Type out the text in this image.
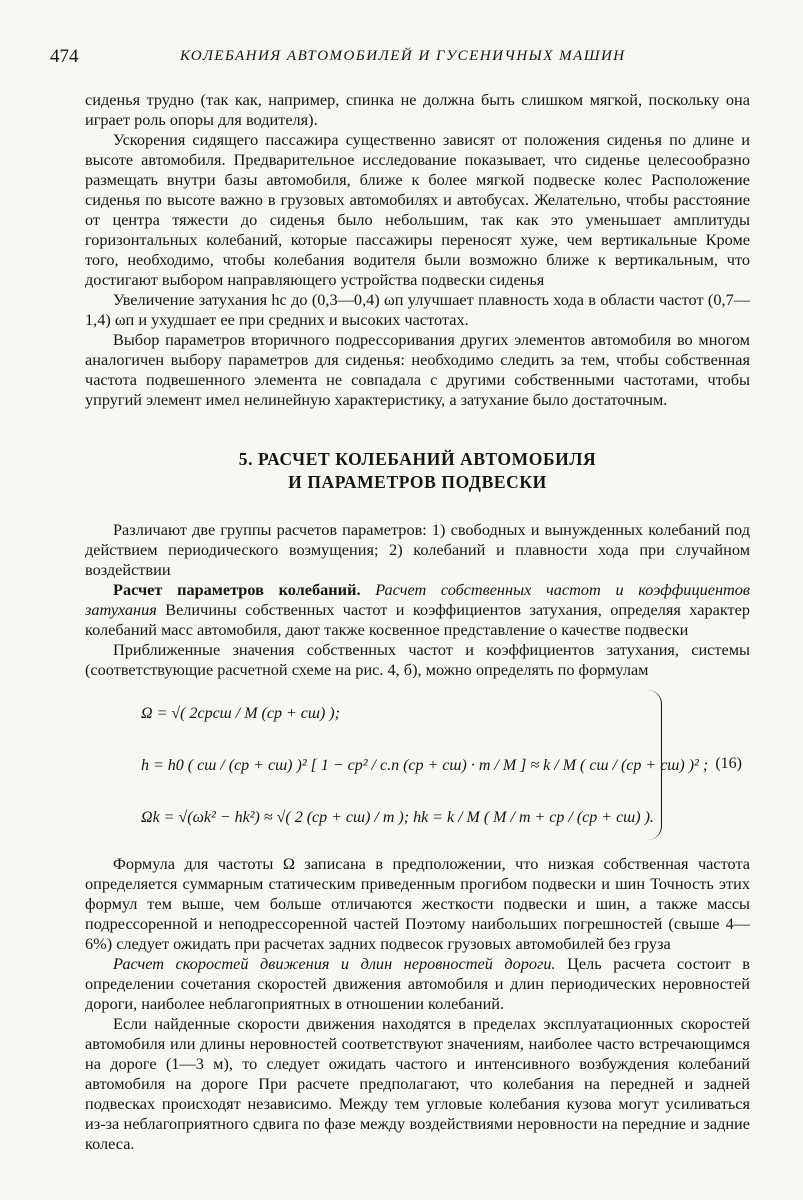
474	КОЛЕБАНИЯ АВТОМОБИЛЕЙ И ГУСЕНИЧНЫХ МАШИН

сиденья трудно (так как, например, спинка не должна быть слишком мягкой, поскольку она играет роль опоры для водителя).

Ускорения сидящего пассажира существенно зависят от положения сиденья по длине и высоте автомобиля. Предварительное исследование показывает, что сиденье целесообразно размещать внутри базы автомобиля, ближе к более мягкой подвеске колес Расположение сиденья по высоте важно в грузовых автомобилях и автобусах. Желательно, чтобы расстояние от центра тяжести до сиденья было небольшим, так как это уменьшает амплитуды горизонтальных колебаний, которые пассажиры переносят хуже, чем вертикальные Кроме того, необходимо, чтобы колебания водителя были возможно ближе к вертикальным, что достигают выбором направляющего устройства подвески сиденья

Увеличение затухания hc до (0,3—0,4) ωп улучшает плавность хода в области частот (0,7—1,4) ωп и ухудшает ее при средних и высоких частотах.

Выбор параметров вторичного подрессоривания других элементов автомобиля во многом аналогичен выбору параметров для сиденья: необходимо следить за тем, чтобы собственная частота подвешенного элемента не совпадала с другими собственными частотами, чтобы упругий элемент имел нелинейную характеристику, а затухание было достаточным.

5. РАСЧЕТ КОЛЕБАНИЙ АВТОМОБИЛЯ
И ПАРАМЕТРОВ ПОДВЕСКИ

Различают две группы расчетов параметров: 1) свободных и вынужденных колебаний под действием периодического возмущения; 2) колебаний и плавности хода при случайном воздействии

Расчет параметров колебаний. Расчет собственных частот и коэффициентов затухания Величины собственных частот и коэффициентов затухания, определяя характер колебаний масс автомобиля, дают также косвенное представление о качестве подвески

Приближенные значения собственных частот и коэффициентов затухания, системы (соответствующие расчетной схеме на рис. 4, б), можно определять по формулам

Ω = √( 2cрcш / M (cр + cш) );
h = h0 ( cш / (cр + cш) )² [ 1 − cр² / c.п (cр + cш) · m / M ] ≈ k / M ( cш / (cр + cш) )² ;
Ωk = √(ωk² − hk²) ≈ √( 2 (cр + cш) / m ); hk = k / M ( M / m + cр / (cр + cш) ).
(16)

Формула для частоты Ω записана в предположении, что низкая собственная частота определяется суммарным статическим приведенным прогибом подвески и шин Точность этих формул тем выше, чем больше отличаются жесткости подвески и шин, а также массы подрессоренной и неподрессоренной частей Поэтому наибольших погрешностей (свыше 4—6%) следует ожидать при расчетах задних подвесок грузовых автомобилей без груза

Расчет скоростей движения и длин неровностей дороги. Цель расчета состоит в определении сочетания скоростей движения автомобиля и длин периодических неровностей дороги, наиболее неблагоприятных в отношении колебаний.

Если найденные скорости движения находятся в пределах эксплуатационных скоростей автомобиля или длины неровностей соответствуют значениям, наиболее часто встречающимся на дороге (1—3 м), то следует ожидать частого и интенсивного возбуждения колебаний автомобиля на дороге При расчете предполагают, что колебания на передней и задней подвесках происходят независимо. Между тем угловые колебания кузова могут усиливаться из-за неблагоприятного сдвига по фазе между воздействиями неровности на передние и задние колеса.
